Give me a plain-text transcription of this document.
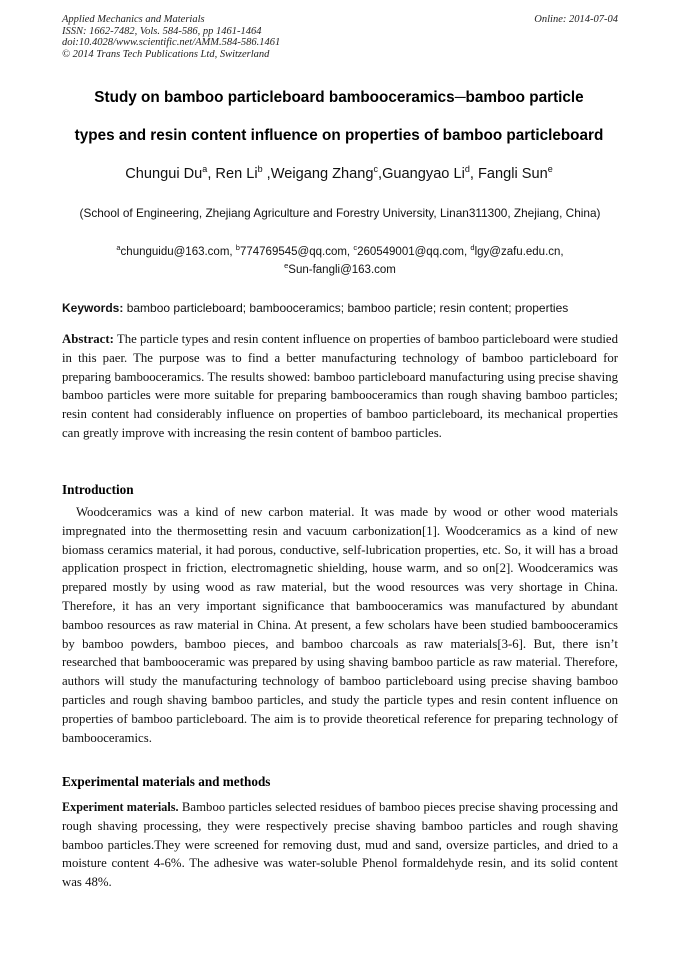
Applied Mechanics and Materials	Online: 2014-07-04
ISSN: 1662-7482, Vols. 584-586, pp 1461-1464
doi:10.4028/www.scientific.net/AMM.584-586.1461
© 2014 Trans Tech Publications Ltd, Switzerland
Study on bamboo particleboard bambooceramics─bamboo particle
types and resin content influence on properties of bamboo particleboard
Chungui Du$^a$, Ren Li$^b$ ,Weigang Zhang$^c$,Guangyao Li$^d$, Fangli Sun$^e$
(School of Engineering, Zhejiang Agriculture and Forestry University, Linan311300, Zhejiang, China)
$^a$chunguidu@163.com, $^b$774769545@qq.com, $^c$260549001@qq.com, $^d$lgy@zafu.edu.cn,
$^e$Sun-fangli@163.com
Keywords: bamboo particleboard; bambooceramics; bamboo particle; resin content; properties
Abstract: The particle types and resin content influence on properties of bamboo particleboard were studied in this paer. The purpose was to find a better manufacturing technology of bamboo particleboard for preparing bambooceramics. The results showed: bamboo particleboard manufacturing using precise shaving bamboo particles were more suitable for preparing bambooceramics than rough shaving bamboo particles; resin content had considerably influence on properties of bamboo particleboard, its mechanical properties can greatly improve with increasing the resin content of bamboo particles.
Introduction
Woodceramics was a kind of new carbon material. It was made by wood or other wood materials impregnated into the thermosetting resin and vacuum carbonization[1]. Woodceramics as a kind of new biomass ceramics material, it had porous, conductive, self-lubrication properties, etc. So, it will has a broad application prospect in friction, electromagnetic shielding, house warm, and so on[2]. Woodceramics was prepared mostly by using wood as raw material, but the wood resources was very shortage in China. Therefore, it has an very important significance that bambooceramics was manufactured by abundant bamboo resources as raw material in China. At present, a few scholars have been studied bambooceramics by bamboo powders, bamboo pieces, and bamboo charcoals as raw materials[3-6]. But, there isn’t researched that bambooceramic was prepared by using shaving bamboo particle as raw material. Therefore, authors will study the manufacturing technology of bamboo particleboard using precise shaving bamboo particles and rough shaving bamboo particles, and study the particle types and resin content influence on properties of bamboo particleboard. The aim is to provide theoretical reference for preparing technology of bambooceramics.
Experimental materials and methods
Experiment materials. Bamboo particles selected residues of bamboo pieces precise shaving processing and rough shaving processing, they were respectively precise shaving bamboo particles and rough shaving bamboo particles.They were screened for removing dust, mud and sand, oversize particles, and dried to a moisture content 4-6%. The adhesive was water-soluble Phenol formaldehyde resin, and its solid content was 48%.
